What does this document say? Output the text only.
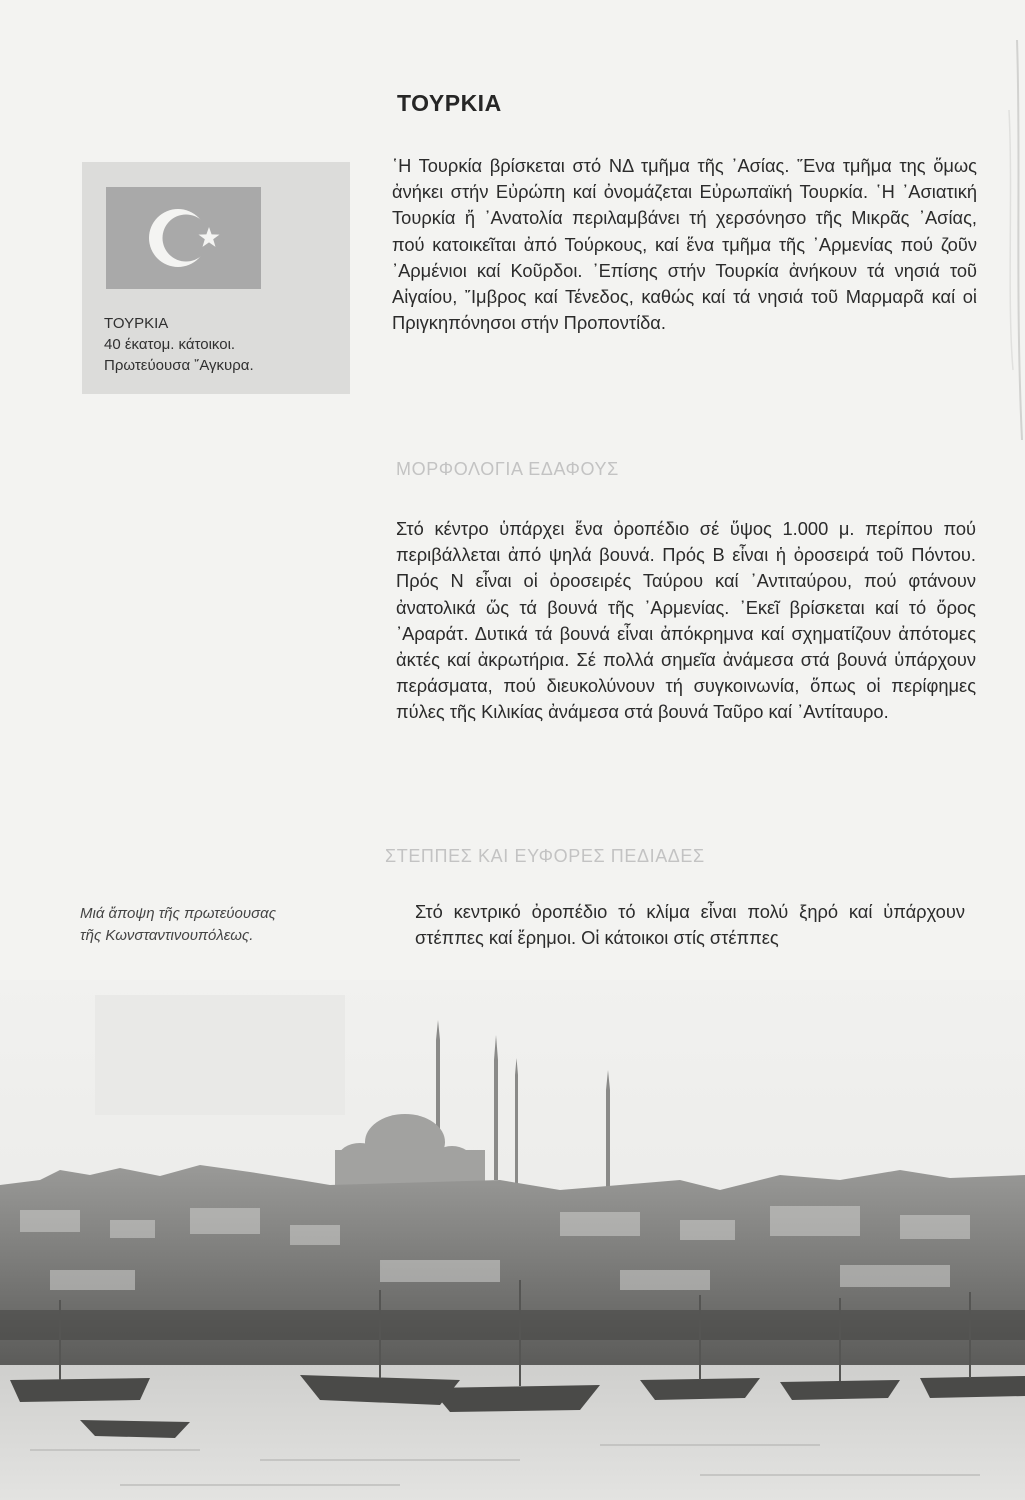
ΤΟΥΡΚΙΑ
ΤΟΥΡΚΙΑ
40 έκατομ. κάτοικοι.
Πρωτεύουσα ῎Αγκυρα.

῾Η Τουρκία βρίσκεται στό ΝΔ τμῆμα τῆς ᾿Ασίας. ῞Ενα τμῆμα της ὅμως ἀνήκει στήν Εὐρώπη καί ὀνομάζεται Εὐρωπαϊκή Τουρκία. ῾Η ᾿Ασιατική Τουρκία ἤ ᾿Ανατολία περιλαμβάνει τή χερσόνησο τῆς Μικρᾶς ᾿Ασίας, πού κατοικεῖται ἀπό Τούρκους, καί ἕνα τμῆμα τῆς ᾿Αρμενίας πού ζοῦν ᾿Αρμένιοι καί Κοῦρδοι. ᾿Επίσης στήν Τουρκία ἀνήκουν τά νησιά τοῦ Αἰγαίου, ῎Ιμβρος καί Τένεδος, καθώς καί τά νησιά τοῦ Μαρμαρᾶ καί οἱ Πριγκηπόνησοι στήν Προποντίδα.

ΜΟΡΦΟΛΟΓΙΑ ΕΔΑΦΟΥΣ

Στό κέντρο ὑπάρχει ἕνα ὀροπέδιο σέ ὕψος 1.000 μ. περίπου πού περιβάλλεται ἀπό ψηλά βουνά. Πρός Β εἶναι ἡ ὀροσειρά τοῦ Πόντου. Πρός Ν εἶναι οἱ ὀροσειρές Ταύρου καί ᾿Αντιταύρου, πού φτάνουν ἀνατολικά ὥς τά βουνά τῆς ᾿Αρμενίας. ᾿Εκεῖ βρίσκεται καί τό ὄρος ᾿Αραράτ. Δυτικά τά βουνά εἶναι ἀπόκρημνα καί σχηματίζουν ἀπότομες ἀκτές καί ἀκρωτήρια. Σέ πολλά σημεῖα ἀνάμεσα στά βουνά ὑπάρχουν περάσματα, πού διευκολύνουν τή συγκοινωνία, ὅπως οἱ περίφημες πύλες τῆς Κιλικίας ἀνάμεσα στά βουνά Ταῦρο καί ᾿Αντίταυρο.

ΣΤΕΠΠΕΣ ΚΑΙ ΕΥΦΟΡΕΣ ΠΕΔΙΑΔΕΣ
Μιά ἄποψη τῆς πρωτεύουσας
τῆς Κωνσταντινουπόλεως.

Στό κεντρικό ὀροπέδιο τό κλίμα εἶναι πολύ ξηρό καί ὑπάρχουν στέππες καί ἔρημοι. Οἱ κάτοικοι στίς στέππες
